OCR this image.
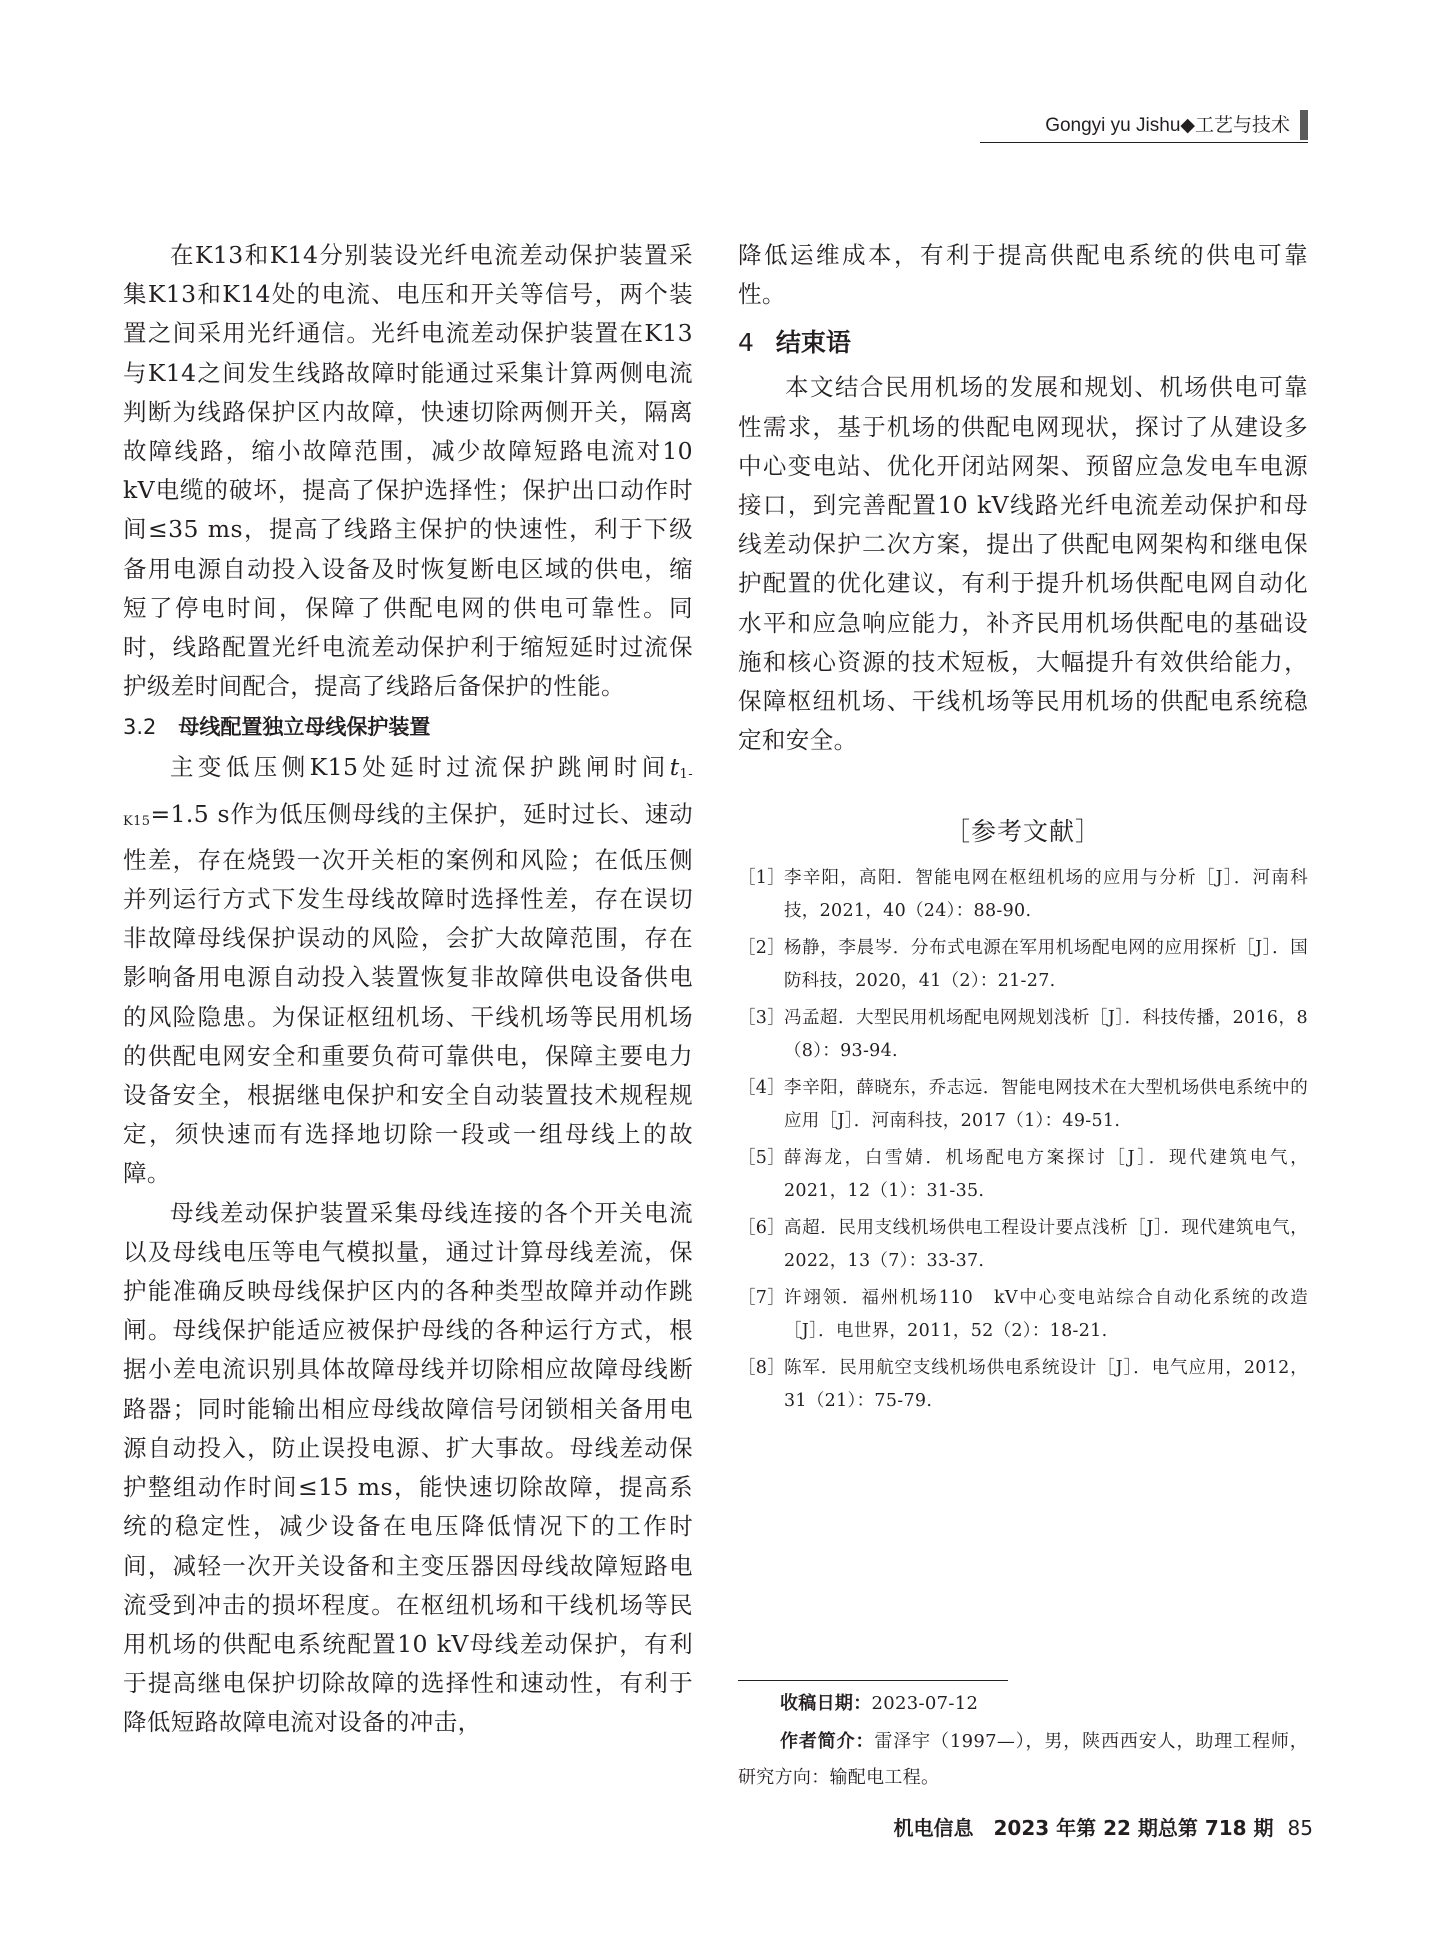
Gongyi yu Jishu◆工艺与技术

在K13和K14分别装设光纤电流差动保护装置采集K13和K14处的电流、电压和开关等信号，两个装置之间采用光纤通信。光纤电流差动保护装置在K13与K14之间发生线路故障时能通过采集计算两侧电流判断为线路保护区内故障，快速切除两侧开关，隔离故障线路，缩小故障范围，减少故障短路电流对10 kV电缆的破坏，提高了保护选择性；保护出口动作时间≤35 ms，提高了线路主保护的快速性，利于下级备用电源自动投入设备及时恢复断电区域的供电，缩短了停电时间，保障了供配电网的供电可靠性。同时，线路配置光纤电流差动保护利于缩短延时过流保护级差时间配合，提高了线路后备保护的性能。

3.2 母线配置独立母线保护装置

主变低压侧K15处延时过流保护跳闸时间t1-K15=1.5 s作为低压侧母线的主保护，延时过长、速动性差，存在烧毁一次开关柜的案例和风险；在低压侧并列运行方式下发生母线故障时选择性差，存在误切非故障母线保护误动的风险，会扩大故障范围，存在影响备用电源自动投入装置恢复非故障供电设备供电的风险隐患。为保证枢纽机场、干线机场等民用机场的供配电网安全和重要负荷可靠供电，保障主要电力设备安全，根据继电保护和安全自动装置技术规程规定，须快速而有选择地切除一段或一组母线上的故障。

母线差动保护装置采集母线连接的各个开关电流以及母线电压等电气模拟量，通过计算母线差流，保护能准确反映母线保护区内的各种类型故障并动作跳闸。母线保护能适应被保护母线的各种运行方式，根据小差电流识别具体故障母线并切除相应故障母线断路器；同时能输出相应母线故障信号闭锁相关备用电源自动投入，防止误投电源、扩大事故。母线差动保护整组动作时间≤15 ms，能快速切除故障，提高系统的稳定性，减少设备在电压降低情况下的工作时间，减轻一次开关设备和主变压器因母线故障短路电流受到冲击的损坏程度。在枢纽机场和干线机场等民用机场的供配电系统配置10 kV母线差动保护，有利于提高继电保护切除故障的选择性和速动性，有利于降低短路故障电流对设备的冲击，

降低运维成本，有利于提高供配电系统的供电可靠性。

4 结束语

本文结合民用机场的发展和规划、机场供电可靠性需求，基于机场的供配电网现状，探讨了从建设多中心变电站、优化开闭站网架、预留应急发电车电源接口，到完善配置10 kV线路光纤电流差动保护和母线差动保护二次方案，提出了供配电网架构和继电保护配置的优化建议，有利于提升机场供配电网自动化水平和应急响应能力，补齐民用机场供配电的基础设施和核心资源的技术短板，大幅提升有效供给能力，保障枢纽机场、干线机场等民用机场的供配电系统稳定和安全。

［参考文献］
［1］
李辛阳，高阳．智能电网在枢纽机场的应用与分析［J］．河南科技，2021，40（24）：88-90.
［2］
杨静，李晨岑．分布式电源在军用机场配电网的应用探析［J］．国防科技，2020，41（2）：21-27.
［3］
冯孟超．大型民用机场配电网规划浅析［J］．科技传播，2016，8（8）：93-94.
［4］
李辛阳，薛晓东，乔志远．智能电网技术在大型机场供电系统中的应用［J］．河南科技，2017（1）：49-51.
［5］
薛海龙，白雪婧．机场配电方案探讨［J］．现代建筑电气，2021，12（1）：31-35.
［6］
高超．民用支线机场供电工程设计要点浅析［J］．现代建筑电气，2022，13（7）：33-37.
［7］
许翊领．福州机场110　kV中心变电站综合自动化系统的改造［J］．电世界，2011，52（2）：18-21.
［8］
陈军．民用航空支线机场供电系统设计［J］．电气应用，2012，31（21）：75-79.
收稿日期：2023-07-12
作者简介：雷泽宇（1997—），男，陕西西安人，助理工程师，研究方向：输配电工程。
机电信息　2023 年第 22 期总第 718 期 85
